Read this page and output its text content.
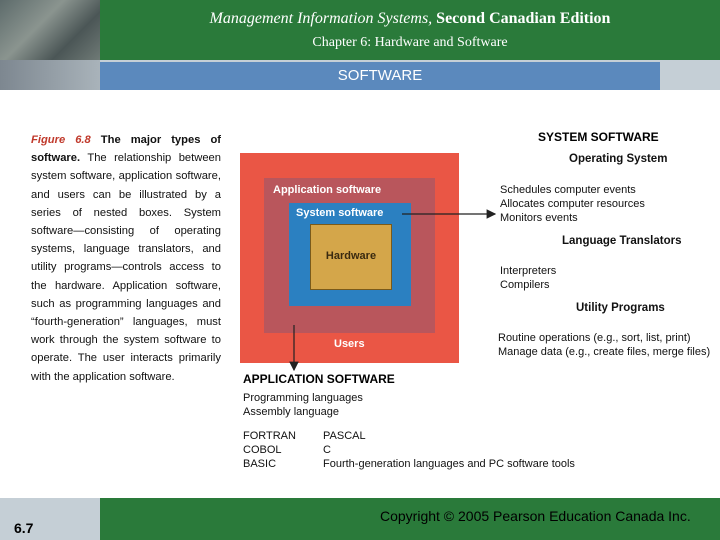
Management Information Systems, Second Canadian Edition
Chapter 6: Hardware and Software
SOFTWARE
Figure 6.8 The major types of software. The relationship between system software, application software, and users can be illustrated by a series of nested boxes. System software—consisting of operating systems, language translators, and utility programs—controls access to the hardware. Application software, such as programming languages and “fourth-generation” languages, must work through the system software to operate. The user interacts primarily with the application software.
Application software
System software
Hardware
Users
SYSTEM SOFTWARE
Operating System
Schedules computer events
Allocates computer resources
Monitors events
Language Translators
Interpreters
Compilers
Utility Programs
Routine operations (e.g., sort, list, print)
Manage data (e.g., create files, merge files)
APPLICATION SOFTWARE
Programming languages
Assembly language
FORTRAN
COBOL
BASIC
PASCAL
C
Fourth-generation languages and PC software tools
6.7
Copyright © 2005 Pearson Education Canada Inc.
